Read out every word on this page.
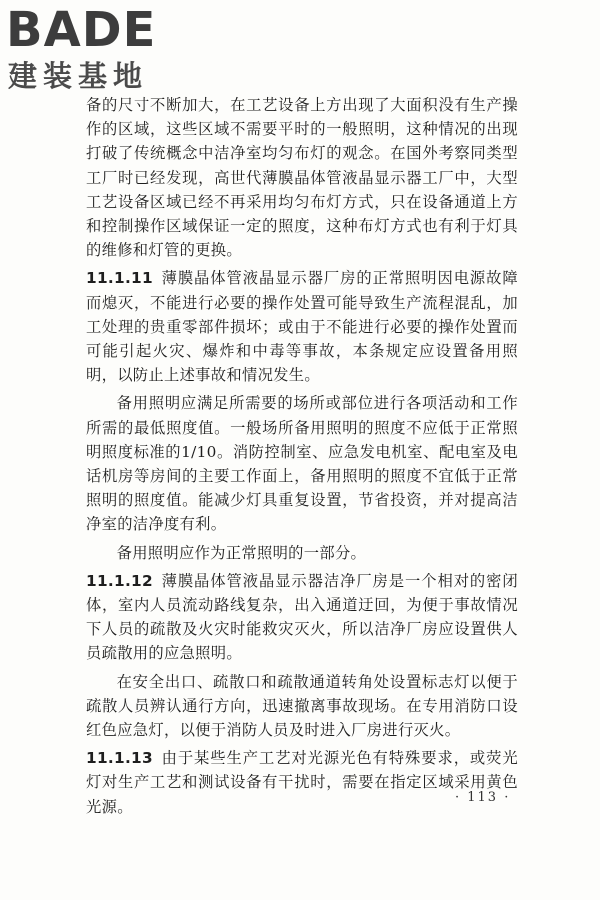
BADE
建装基地

备的尺寸不断加大，在工艺设备上方出现了大面积没有生产操作的区域，这些区域不需要平时的一般照明，这种情况的出现打破了传统概念中洁净室均匀布灯的观念。在国外考察同类型工厂时已经发现，高世代薄膜晶体管液晶显示器工厂中，大型工艺设备区域已经不再采用均匀布灯方式，只在设备通道上方和控制操作区域保证一定的照度，这种布灯方式也有利于灯具的维修和灯管的更换。

11.1.11 薄膜晶体管液晶显示器厂房的正常照明因电源故障而熄灭，不能进行必要的操作处置可能导致生产流程混乱，加工处理的贵重零部件损坏；或由于不能进行必要的操作处置而可能引起火灾、爆炸和中毒等事故，本条规定应设置备用照明，以防止上述事故和情况发生。

备用照明应满足所需要的场所或部位进行各项活动和工作所需的最低照度值。一般场所备用照明的照度不应低于正常照明照度标准的1/10。消防控制室、应急发电机室、配电室及电话机房等房间的主要工作面上，备用照明的照度不宜低于正常照明的照度值。能减少灯具重复设置，节省投资，并对提高洁净室的洁净度有利。

备用照明应作为正常照明的一部分。

11.1.12 薄膜晶体管液晶显示器洁净厂房是一个相对的密闭体，室内人员流动路线复杂，出入通道迂回，为便于事故情况下人员的疏散及火灾时能救灾灭火，所以洁净厂房应设置供人员疏散用的应急照明。

在安全出口、疏散口和疏散通道转角处设置标志灯以便于疏散人员辨认通行方向，迅速撤离事故现场。在专用消防口设红色应急灯，以便于消防人员及时进入厂房进行灭火。

11.1.13 由于某些生产工艺对光源光色有特殊要求，或荧光灯对生产工艺和测试设备有干扰时，需要在指定区域采用黄色光源。

· 113 ·
